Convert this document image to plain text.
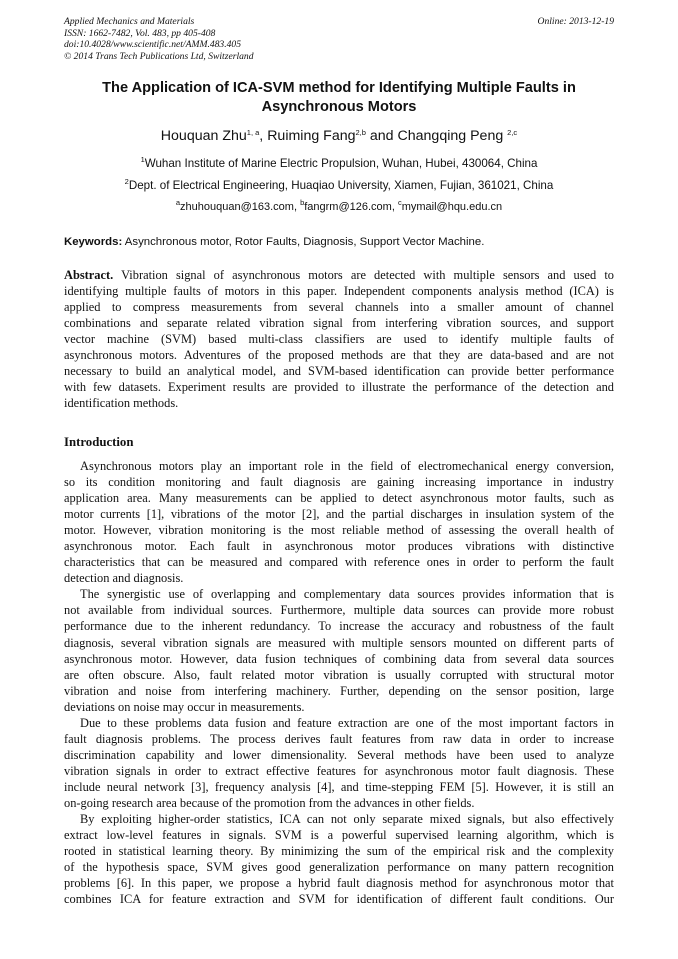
Applied Mechanics and Materials
ISSN: 1662-7482, Vol. 483, pp 405-408
doi:10.4028/www.scientific.net/AMM.483.405
© 2014 Trans Tech Publications Ltd, Switzerland
Online: 2013-12-19
The Application of ICA-SVM method for Identifying Multiple Faults in Asynchronous Motors
Houquan Zhu$^{1, a}$, Ruiming Fang$^{2,b}$ and Changqing Peng $^{2,c}$
$^1$Wuhan Institute of Marine Electric Propulsion, Wuhan, Hubei, 430064, China
$^2$Dept. of Electrical Engineering, Huaqiao University, Xiamen, Fujian, 361021, China
$^a$zhuhouquan@163.com, $^b$fangrm@126.com, $^c$mymail@hqu.edu.cn
Keywords: Asynchronous motor, Rotor Faults, Diagnosis, Support Vector Machine.
Abstract. Vibration signal of asynchronous motors are detected with multiple sensors and used to
identifying multiple faults of motors in this paper. Independent components analysis method (ICA) is
applied to compress measurements from several channels into a smaller amount of channel
combinations and separate related vibration signal from interfering vibration sources, and support
vector machine (SVM) based multi-class classifiers are used to identify multiple faults of
asynchronous motors. Adventures of the proposed methods are that they are data-based and are not
necessary to build an analytical model, and SVM-based identification can provide better performance
with few datasets. Experiment results are provided to illustrate the performance of the detection and
identification methods.
Introduction
Asynchronous motors play an important role in the field of electromechanical energy conversion,
so its condition monitoring and fault diagnosis are gaining increasing importance in industry
application area. Many measurements can be applied to detect asynchronous motor faults, such as
motor currents [1], vibrations of the motor [2], and the partial discharges in insulation system of the
motor. However, vibration monitoring is the most reliable method of assessing the overall health of
asynchronous motor. Each fault in asynchronous motor produces vibrations with distinctive
characteristics that can be measured and compared with reference ones in order to perform the fault
detection and diagnosis.
The synergistic use of overlapping and complementary data sources provides information that is
not available from individual sources. Furthermore, multiple data sources can provide more robust
performance due to the inherent redundancy. To increase the accuracy and robustness of the fault
diagnosis, several vibration signals are measured with multiple sensors mounted on different parts of
asynchronous motor. However, data fusion techniques of combining data from several data sources
are often obscure. Also, fault related motor vibration is usually corrupted with structural motor
vibration and noise from interfering machinery. Further, depending on the sensor position, large
deviations on noise may occur in measurements.
Due to these problems data fusion and feature extraction are one of the most important factors in
fault diagnosis problems. The process derives fault features from raw data in order to increase
discrimination capability and lower dimensionality. Several methods have been used to analyze
vibration signals in order to extract effective features for asynchronous motor fault diagnosis. These
include neural network [3], frequency analysis [4], and time-stepping FEM [5]. However, it is still an
on-going research area because of the promotion from the advances in other fields.
By exploiting higher-order statistics, ICA can not only separate mixed signals, but also effectively
extract low-level features in signals. SVM is a powerful supervised learning algorithm, which is
rooted in statistical learning theory. By minimizing the sum of the empirical risk and the complexity
of the hypothesis space, SVM gives good generalization performance on many pattern recognition
problems [6]. In this paper, we propose a hybrid fault diagnosis method for asynchronous motor that
combines ICA for feature extraction and SVM for identification of different fault conditions. Our
